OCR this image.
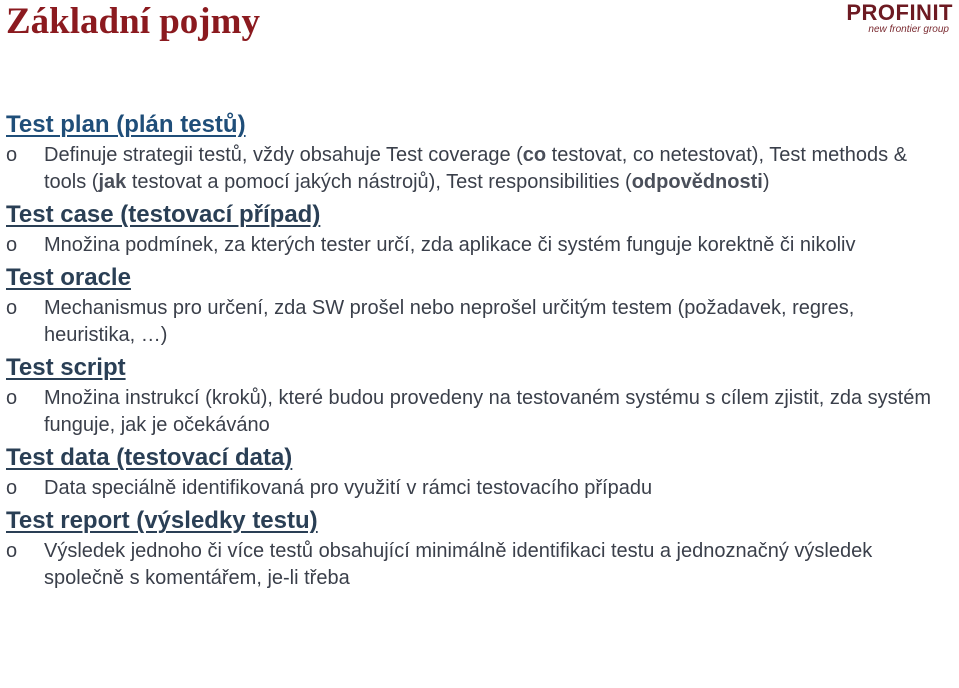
Základní pojmy	PROFINIT
new frontier group
Test plan (plán testů)
o	Definuje strategii testů, vždy obsahuje Test coverage (co testovat, co netestovat), Test methods & tools (jak testovat a pomocí jakých nástrojů), Test responsibilities (odpovědnosti)

Test case (testovací případ)
o	Množina podmínek, za kterých tester určí, zda aplikace či systém funguje korektně či nikoliv

Test oracle
o	Mechanismus pro určení, zda SW prošel nebo neprošel určitým testem (požadavek, regres, heuristika, …)

Test script
o	Množina instrukcí (kroků), které budou provedeny na testovaném systému s cílem zjistit, zda systém funguje, jak je očekáváno

Test data (testovací data)
o	Data speciálně identifikovaná pro využití v rámci testovacího případu

Test report (výsledky testu)
o	Výsledek jednoho či více testů obsahující minimálně identifikaci testu a jednoznačný výsledek společně s komentářem, je-li třeba
